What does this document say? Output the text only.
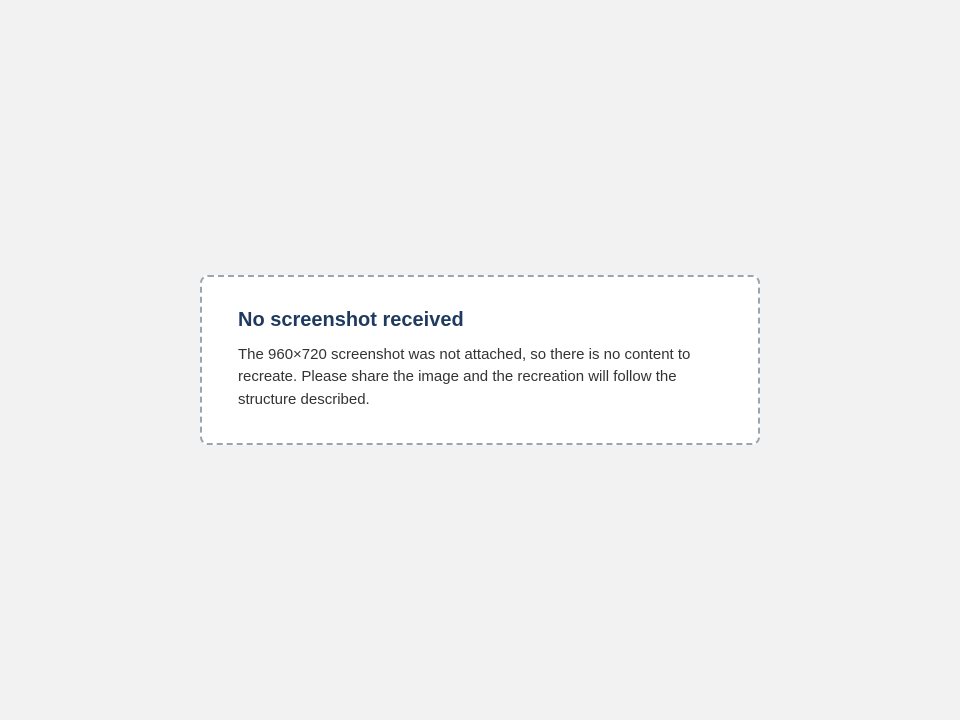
No screenshot received

The 960×720 screenshot was not attached, so there is no content to recreate. Please share the image and the recreation will follow the structure described.
